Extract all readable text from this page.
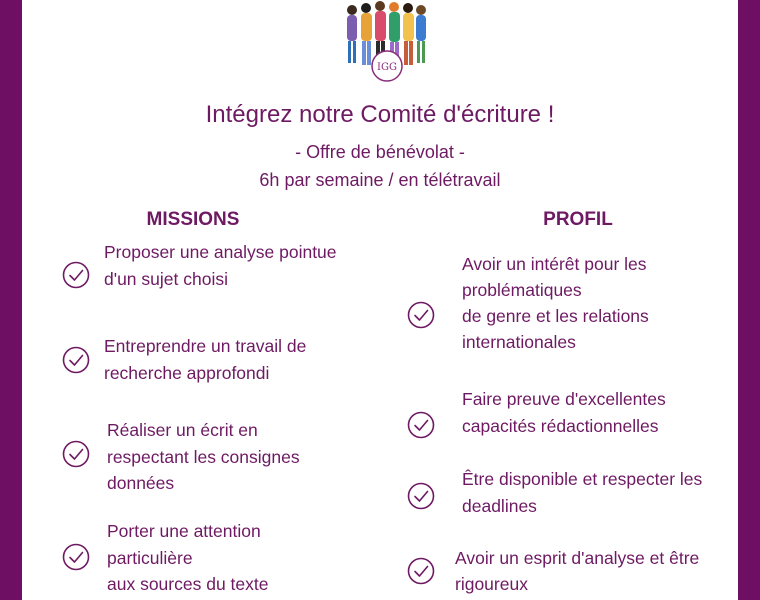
IGG
Intégrez notre Comité d'écriture !
- Offre de bénévolat -
6h par semaine / en télétravail
MISSIONS	PROFIL
Proposer une analyse pointue
d'un sujet choisi
Entreprendre un travail de
recherche approfondi
Réaliser un écrit en
respectant les consignes
données
Porter une attention
particulière
aux sources du texte
Avoir un intérêt pour les
problématiques
de genre et les relations
internationales
Faire preuve d'excellentes
capacités rédactionnelles
Être disponible et respecter les
deadlines
Avoir un esprit d'analyse et être
rigoureux
